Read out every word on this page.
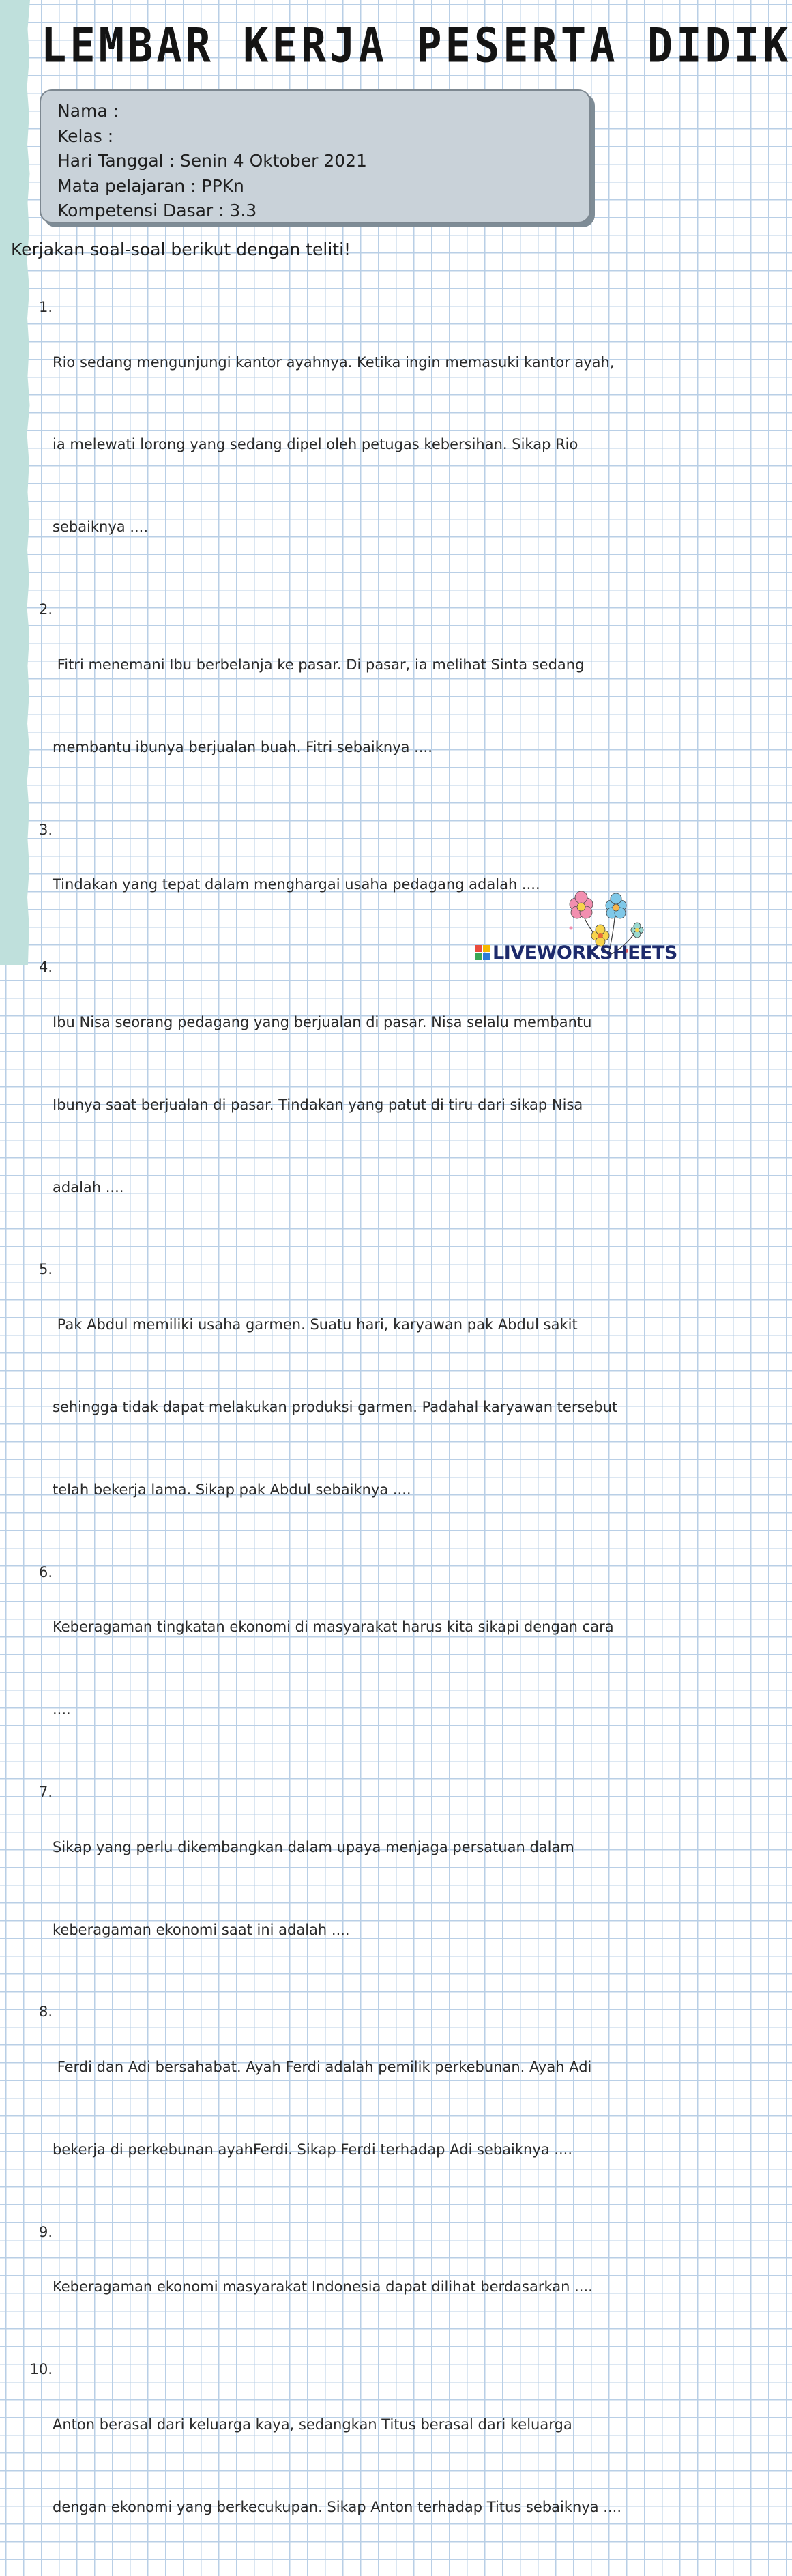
LEMBAR KERJA PESERTA DIDIK
Nama :
Kelas :
Hari Tanggal : Senin 4 Oktober 2021
Mata pelajaran : PPKn
Kompetensi Dasar : 3.3
Kerjakan soal-soal berikut dengan teliti!
1.

Rio sedang mengunjungi kantor ayahnya. Ketika ingin memasuki kantor ayah,

ia melewati lorong yang sedang dipel oleh petugas kebersihan. Sikap Rio

sebaiknya ....

2.

Fitri menemani Ibu berbelanja ke pasar. Di pasar, ia melihat Sinta sedang

membantu ibunya berjualan buah. Fitri sebaiknya ....

3.

Tindakan yang tepat dalam menghargai usaha pedagang adalah ....

4.

Ibu Nisa seorang pedagang yang berjualan di pasar. Nisa selalu membantu

Ibunya saat berjualan di pasar. Tindakan yang patut di tiru dari sikap Nisa

adalah ....

5.

Pak Abdul memiliki usaha garmen. Suatu hari, karyawan pak Abdul sakit

sehingga tidak dapat melakukan produksi garmen. Padahal karyawan tersebut

telah bekerja lama. Sikap pak Abdul sebaiknya ....

6.

Keberagaman tingkatan ekonomi di masyarakat harus kita sikapi dengan cara

....

7.

Sikap yang perlu dikembangkan dalam upaya menjaga persatuan dalam

keberagaman ekonomi saat ini adalah ....

8.

Ferdi dan Adi bersahabat. Ayah Ferdi adalah pemilik perkebunan. Ayah Adi

bekerja di perkebunan ayahFerdi. Sikap Ferdi terhadap Adi sebaiknya ....

9.

Keberagaman ekonomi masyarakat Indonesia dapat dilihat berdasarkan ....

10.

Anton berasal dari keluarga kaya, sedangkan Titus berasal dari keluarga

dengan ekonomi yang berkecukupan. Sikap Anton terhadap Titus sebaiknya ....

LIVEWORKSHEETS
